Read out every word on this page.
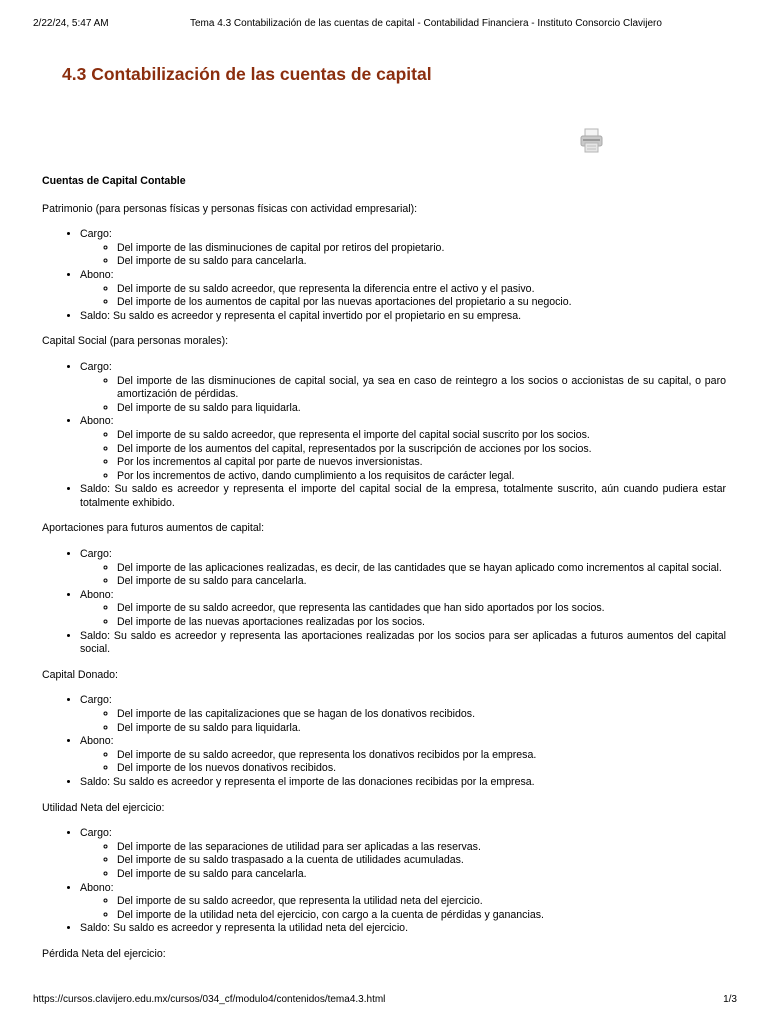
2/22/24, 5:47 AM	Tema 4.3 Contabilización de las cuentas de capital - Contabilidad Financiera - Instituto Consorcio Clavijero
4.3 Contabilización de las cuentas de capital

Cuentas de Capital Contable

Patrimonio (para personas físicas y personas físicas con actividad empresarial):

• Cargo:
◦ Del importe de las disminuciones de capital por retiros del propietario.
◦ Del importe de su saldo para cancelarla.
• Abono:
◦ Del importe de su saldo acreedor, que representa la diferencia entre el activo y el pasivo.
◦ Del importe de los aumentos de capital por las nuevas aportaciones del propietario a su negocio.
• Saldo: Su saldo es acreedor y representa el capital invertido por el propietario en su empresa.

Capital Social (para personas morales):

• Cargo:
◦ Del importe de las disminuciones de capital social, ya sea en caso de reintegro a los socios o accionistas de su capital, o paro amortización de pérdidas.
◦ Del importe de su saldo para liquidarla.
• Abono:
◦ Del importe de su saldo acreedor, que representa el importe del capital social suscrito por los socios.
◦ Del importe de los aumentos del capital, representados por la suscripción de acciones por los socios.
◦ Por los incrementos al capital por parte de nuevos inversionistas.
◦ Por los incrementos de activo, dando cumplimiento a los requisitos de carácter legal.
• Saldo: Su saldo es acreedor y representa el importe del capital social de la empresa, totalmente suscrito, aún cuando pudiera estar totalmente exhibido.

Aportaciones para futuros aumentos de capital:

• Cargo:
◦ Del importe de las aplicaciones realizadas, es decir, de las cantidades que se hayan aplicado como incrementos al capital social.
◦ Del importe de su saldo para cancelarla.
• Abono:
◦ Del importe de su saldo acreedor, que representa las cantidades que han sido aportados por los socios.
◦ Del importe de las nuevas aportaciones realizadas por los socios.
• Saldo: Su saldo es acreedor y representa las aportaciones realizadas por los socios para ser aplicadas a futuros aumentos del capital social.

Capital Donado:

• Cargo:
◦ Del importe de las capitalizaciones que se hagan de los donativos recibidos.
◦ Del importe de su saldo para liquidarla.
• Abono:
◦ Del importe de su saldo acreedor, que representa los donativos recibidos por la empresa.
◦ Del importe de los nuevos donativos recibidos.
• Saldo: Su saldo es acreedor y representa el importe de las donaciones recibidas por la empresa.

Utilidad Neta del ejercicio:

• Cargo:
◦ Del importe de las separaciones de utilidad para ser aplicadas a las reservas.
◦ Del importe de su saldo traspasado a la cuenta de utilidades acumuladas.
◦ Del importe de su saldo para cancelarla.
• Abono:
◦ Del importe de su saldo acreedor, que representa la utilidad neta del ejercicio.
◦ Del importe de la utilidad neta del ejercicio, con cargo a la cuenta de pérdidas y ganancias.
• Saldo: Su saldo es acreedor y representa la utilidad neta del ejercicio.

Pérdida Neta del ejercicio:

https://cursos.clavijero.edu.mx/cursos/034_cf/modulo4/contenidos/tema4.3.html	1/3
